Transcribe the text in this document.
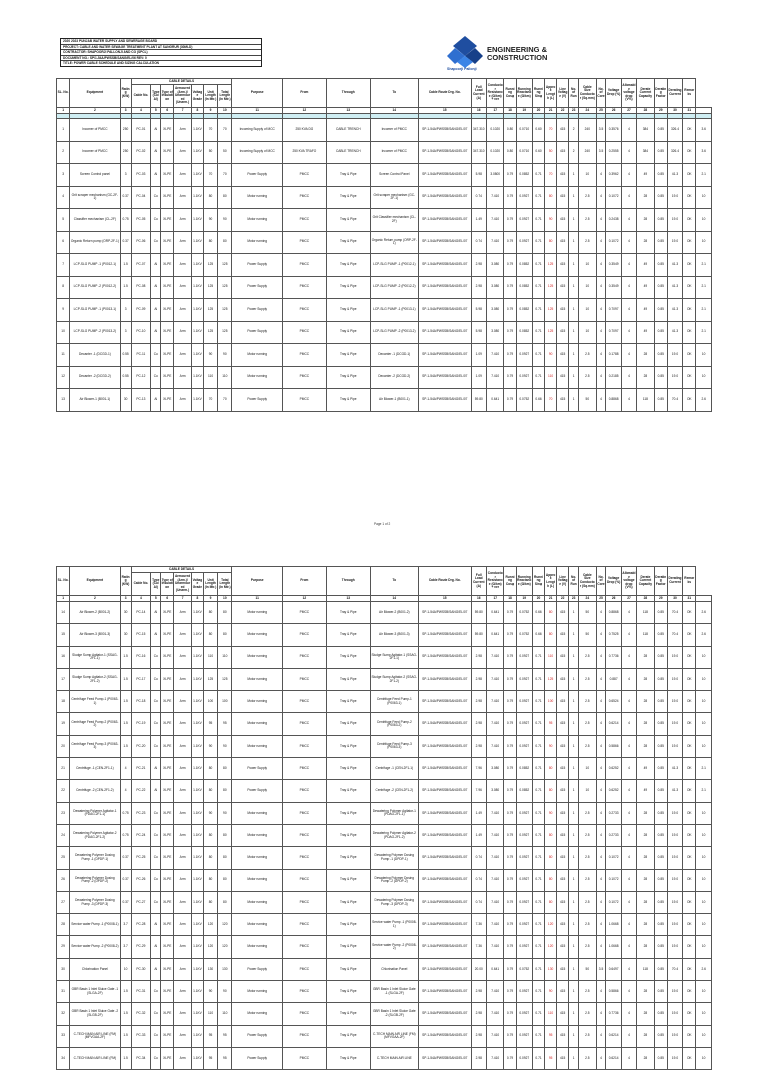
2020 2023 PUNJAB WATER SUPPLY AND SEWERAGE BOARD
PROJECT: CABLE AND WATER SEWAGE TREATMENT PLANT AT SANGRUR (30MLD)
CONTRACTOR: SHAPOORJI PALLONJI AND CO (SPCL)
DOCUMENT NO.: SP/1-54A/PWSSB/SANG/EL/06 REV: 0
TITLE: POWER CABLE SCHEDULE AND SIZING CALCULATION
ENGINEERING &
CONSTRUCTION
Shapoorji Pallonji
SL. No.	Equipment	Rating (KW)	CABLE DETAILS							Purpose	From	Through	To	Cable Route Drg. No.	Full Load Current (A)	Conductor Resistance (Ω/km) + ver	Running Cosφ	Running Reactance (Ω/km)	Running Sinφ	Approx Length (L)	Line Voltage (V)	No. of Run	Cable Size Conductor (Sq.mm)	No. of Core	Voltage Drop (%)	Allowable voltage drop (V%)	Derate Current Capacity	Derating Factor	Derating Current	Remarks	
			Cable No.	Type (Cu/Al)	Type of Insulation	Armoured (Arm.)/ Unarmoured (Unarm.)	Voltage Grade	Unit Length (In Mtr.)	Total Length (In Mtr.)																						
1	2	3	4	5	6	7	8	9	10	11	12	13	14	15	16	17	18	19	20	21	22	23	24	25	26	27	28	29	30	31	

1	Incomer of PMCC	250	PC-01	Al	XLPE	Arm	1.1KV	70	70	Incoming Supply of MCC	250 KVA DG	CABLE TRENCH	Incomer of PMCC	SP-1-54A/PWSSB/SANG/EL/07	347.310	0.1020	0.80	0.0710	0.60	70	415	2	240	3.5	0.3576	4	384	0.85	326.4	OK	3.6
2	Incomer of PMCC	250	PC-02	Al	XLPE	Arm	1.1KV	50	50	Incoming Supply of MCC	250 KVA TRAFO	CABLE TRENCH	Incomer of PMCC	SP-1-54A/PWSSB/SANG/EL/07	347.310	0.1020	0.80	0.0710	0.60	50	415	2	240	3.5	0.2555	4	384	0.85	326.4	OK	3.6
3	Screen Control panel	3	PC-03	Al	XLPE	Arm	1.1KV	70	70	Power Supply	PMCC	Tray & Pipe	Screen Control Panel	SP-1-54A/PWSSB/SANG/EL/07	5.98	3.0800	0.79	0.0852	0.71	70	415	1	10	4	0.3962	4	49	0.85	41.3	OK	2.1
4	Grit scraper mechanism (GC-2F-1)	0.37	PC-04	Cu	XLPE	Arm	1.1KV	80	80	Motor running	PMCC	Tray & Pipe	Grit scraper mechanism (GC-2F-1)	SP-1-54A/PWSSB/SANG/EL/07	0.74	7.410	0.79	0.0927	0.71	80	415	1	2.5	4	0.1072	4	28	0.85	19.0	OK	10
5	Classifier mechanism (CL-2F)	0.75	PC-05	Cu	XLPE	Arm	1.1KV	90	90	Motor running	PMCC	Tray & Pipe	Grit Classifier mechanism (CL-2F)	SP-1-54A/PWSSB/SANG/EL/07	1.49	7.410	0.79	0.0927	0.71	90	415	1	2.5	4	0.2438	4	28	0.85	19.0	OK	10
6	Organic Return pump (ORP-2F-1)	0.37	PC-06	Cu	XLPE	Arm	1.1KV	80	80	Motor running	PMCC	Tray & Pipe	Organic Return pump (ORP-2F-1)	SP-1-54A/PWSSB/SANG/EL/07	0.74	7.410	0.79	0.0927	0.71	80	415	1	2.5	4	0.1072	4	28	0.85	19.0	OK	10
7	LCP-SLG PUMP -1 (P0012-1)	1.5	PC-07	Al	XLPE	Arm	1.1KV	125	125	Power Supply	PMCC	Tray & Pipe	LCP-SLG PUMP -1 (P0012-1)	SP-1-54A/PWSSB/SANG/EL/07	2.98	3.080	0.79	0.0852	0.71	125	415	1	10	4	0.3549	4	49	0.85	41.3	OK	2.1
8	LCP-SLG PUMP -2 (P0012-2)	1.5	PC-08	Al	XLPE	Arm	1.1KV	125	125	Power Supply	PMCC	Tray & Pipe	LCP-SLG PUMP -2 (P0012-2)	SP-1-54A/PWSSB/SANG/EL/07	2.98	3.080	0.79	0.0852	0.71	125	415	1	10	4	0.3549	4	49	0.85	41.3	OK	2.1
9	LCP-SLG PUMP -1 (P0013-1)	3	PC-09	Al	XLPE	Arm	1.1KV	125	125	Power Supply	PMCC	Tray & Pipe	LCP-SLG PUMP -1 (P0013-1)	SP-1-54A/PWSSB/SANG/EL/07	5.98	3.080	0.79	0.0852	0.71	125	415	1	10	4	0.7097	4	49	0.85	41.3	OK	2.1
10	LCP-SLG PUMP -2 (P0013-2)	3	PC-10	Al	XLPE	Arm	1.1KV	125	125	Power Supply	PMCC	Tray & Pipe	LCP-SLG PUMP -2 (P0013-2)	SP-1-54A/PWSSB/SANG/EL/07	5.98	3.080	0.79	0.0852	0.71	125	415	1	10	4	0.7097	4	49	0.85	41.3	OK	2.1
11	Decanter -1 (DCGD-1)	0.55	PC-11	Cu	XLPE	Arm	1.1KV	90	90	Motor running	PMCC	Tray & Pipe	Decanter -1 (DCGD-1)	SP-1-54A/PWSSB/SANG/EL/07	1.09	7.410	0.79	0.0927	0.71	90	415	1	2.5	4	0.1788	4	28	0.85	19.0	OK	10
12	Decanter -2 (DCGD-2)	0.55	PC-12	Cu	XLPE	Arm	1.1KV	110	110	Motor running	PMCC	Tray & Pipe	Decanter -2 (DCGD-2)	SP-1-54A/PWSSB/SANG/EL/07	1.09	7.410	0.79	0.0927	0.71	110	415	1	2.5	4	0.2185	4	28	0.85	19.0	OK	10
13	Air Blower-1 (B001-1)	30	PC-13	Al	XLPE	Arm	1.1KV	70	70	Power Supply	PMCC	Tray & Pipe	Air Blower-1 (B001-1)	SP-1-54A/PWSSB/SANG/EL/07	59.80	0.641	0.79	0.0752	0.66	70	415	1	50	4	0.8868	4	118	0.85	70.4	OK	2.6
Page 1 of 2
SL. No.	Equipment	Rating (KW)	CABLE DETAILS							Purpose	From	Through	To	Cable Route Drg. No.	Full Load Current (A)	Conductor Resistance (Ω/km) + ver	Running Cosφ	Running Reactance (Ω/km)	Running Sinφ	Approx Length (L)	Line Voltage (V)	No. of Run	Cable Size Conductor (Sq.mm)	No. of Core	Voltage Drop (%)	Allowable voltage drop (V%)	Derate Current Capacity	Derating Factor	Derating Current	Remarks	
			Cable No.	Type (Cu/Al)	Type of Insulation	Armoured (Arm.)/ Unarmoured (Unarm.)	Voltage Grade	Unit Length (In Mtr.)	Total Length (In Mtr.)																						
1	2	3	4	5	6	7	8	9	10	11	12	13	14	15	16	17	18	19	20	21	22	23	24	25	26	27	28	29	30	31	
14	Air Blower-2 (B001-2)	30	PC-14	Al	XLPE	Arm	1.1KV	80	80	Motor running	PMCC	Tray & Pipe	Air Blower-2 (B001-2)	SP-1-54A/PWSSB/SANG/EL/07	59.80	0.641	0.79	0.0752	0.66	80	415	1	50	4	0.8868	4	118	0.85	70.4	OK	2.6
15	Air Blower-3 (B001-3)	30	PC-15	Al	XLPE	Arm	1.1KV	80	80	Motor running	PMCC	Tray & Pipe	Air Blower-3 (B001-3)	SP-1-54A/PWSSB/SANG/EL/07	59.80	0.641	0.79	0.0752	0.66	80	415	1	50	4	0.7525	4	118	0.85	70.4	OK	2.6
16	Sludge Sump Agitator-1 (SSAG-2F1-1)	1.5	PC-16	Cu	XLPE	Arm	1.1KV	110	110	Motor running	PMCC	Tray & Pipe	Sludge Sump Agitator-1 (SSAG-2F1-1)	SP-1-54A/PWSSB/SANG/EL/07	2.98	7.410	0.79	0.0927	0.71	110	415	1	2.5	4	0.7736	4	28	0.85	19.0	OK	10
17	Sludge Sump Agitator-2 (SSAG-2F1-2)	1.5	PC-17	Cu	XLPE	Arm	1.1KV	125	125	Motor running	PMCC	Tray & Pipe	Sludge Sump Agitator-2 (SSAG-2F1-2)	SP-1-54A/PWSSB/SANG/EL/07	2.98	7.410	0.79	0.0927	0.71	125	415	1	2.5	4	0.887	4	28	0.85	19.0	OK	10
18	Centrifuge Feed Pump-1 (P0063-1)	1.5	PC-18	Cu	XLPE	Arm	1.1KV	100	100	Motor running	PMCC	Tray & Pipe	Centrifuge Feed Pump-1 (P0063-1)	SP-1-54A/PWSSB/SANG/EL/07	2.98	7.410	0.79	0.0927	0.71	100	415	1	2.5	4	0.6524	4	28	0.85	19.0	OK	10
19	Centrifuge Feed Pump-2 (P0063-2)	1.5	PC-19	Cu	XLPE	Arm	1.1KV	95	95	Motor running	PMCC	Tray & Pipe	Centrifuge Feed Pump-2 (P0063-2)	SP-1-54A/PWSSB/SANG/EL/07	2.98	7.410	0.79	0.0927	0.71	95	415	1	2.5	4	0.6214	4	28	0.85	19.0	OK	10
20	Centrifuge Feed Pump-3 (P0063-3)	1.5	PC-20	Cu	XLPE	Arm	1.1KV	90	90	Motor running	PMCC	Tray & Pipe	Centrifuge Feed Pump-3 (P0063-3)	SP-1-54A/PWSSB/SANG/EL/07	2.98	7.410	0.79	0.0927	0.71	90	415	1	2.5	4	0.5866	4	28	0.85	19.0	OK	10
21	Centrifuge -1 (CEN-2F1-1)	4	PC-21	Al	XLPE	Arm	1.1KV	80	80	Power Supply	PMCC	Tray & Pipe	Centrifuge -1 (CEN-2F1-1)	SP-1-54A/PWSSB/SANG/EL/07	7.96	3.080	0.79	0.0852	0.71	80	415	1	10	4	0.6252	4	49	0.85	41.3	OK	2.1
22	Centrifuge -2 (CEN-2F1-2)	4	PC-22	Al	XLPE	Arm	1.1KV	80	80	Power Supply	PMCC	Tray & Pipe	Centrifuge -2 (CEN-2F1-2)	SP-1-54A/PWSSB/SANG/EL/07	7.96	3.080	0.79	0.0852	0.71	80	415	1	10	4	0.6252	4	49	0.85	41.3	OK	2.1
23	Dewatering Polymer Agitator-1 (PDAG-2F1-1)	0.75	PC-23	Cu	XLPE	Arm	1.1KV	90	90	Motor running	PMCC	Tray & Pipe	Dewatering Polymer Agitator-1 (PDAG-2F1-1)	SP-1-54A/PWSSB/SANG/EL/07	1.49	7.410	0.79	0.0927	0.71	90	415	1	2.5	4	0.2733	4	28	0.85	19.0	OK	10
24	Dewatering Polymer Agitator-2 (PDAG-2F1-2)	0.75	PC-24	Cu	XLPE	Arm	1.1KV	80	80	Motor running	PMCC	Tray & Pipe	Dewatering Polymer Agitator-2 (PDAG-2F1-2)	SP-1-54A/PWSSB/SANG/EL/07	1.49	7.410	0.79	0.0927	0.71	80	415	1	2.5	4	0.2733	4	28	0.85	19.0	OK	10
25	Dewatering Polymer Dosing Pump -1 (DPDP-1)	0.37	PC-25	Cu	XLPE	Arm	1.1KV	80	80	Motor running	PMCC	Tray & Pipe	Dewatering Polymer Dosing Pump -1 (DPDP-1)	SP-1-54A/PWSSB/SANG/EL/07	0.74	7.410	0.79	0.0927	0.71	80	415	1	2.5	4	0.1072	4	28	0.85	19.0	OK	10
26	Dewatering Polymer Dosing Pump -2 (DPDP-2)	0.37	PC-26	Cu	XLPE	Arm	1.1KV	80	80	Motor running	PMCC	Tray & Pipe	Dewatering Polymer Dosing Pump -2 (DPDP-2)	SP-1-54A/PWSSB/SANG/EL/07	0.74	7.410	0.79	0.0927	0.71	80	415	1	2.5	4	0.1072	4	28	0.85	19.0	OK	10
27	Dewatering Polymer Dosing Pump -3 (DPDP-3)	0.37	PC-27	Cu	XLPE	Arm	1.1KV	80	80	Motor running	PMCC	Tray & Pipe	Dewatering Polymer Dosing Pump -3 (DPDP-3)	SP-1-54A/PWSSB/SANG/EL/07	0.74	7.410	0.79	0.0927	0.71	80	415	1	2.5	4	0.1072	4	28	0.85	19.0	OK	10
28	Service water Pump -1 (P0008-1)	3.7	PC-28	Al	XLPE	Arm	1.1KV	120	120	Motor running	PMCC	Tray & Pipe	Service water Pump -1 (P0008-1)	SP-1-54A/PWSSB/SANG/EL/07	7.36	7.410	0.79	0.0927	0.71	120	415	1	2.5	4	1.0668	4	28	0.85	19.0	OK	10
29	Service water Pump -2 (P0008-2)	3.7	PC-29	Al	XLPE	Arm	1.1KV	120	120	Motor running	PMCC	Tray & Pipe	Service water Pump -2 (P0008-2)	SP-1-54A/PWSSB/SANG/EL/07	7.36	7.410	0.79	0.0927	0.71	120	415	1	2.5	4	1.0668	4	28	0.85	19.0	OK	10
30	Chlorination Panel	10	PC-30	Al	XLPE	Arm	1.1KV	130	130	Power Supply	PMCC	Tray & Pipe	Chlorination Panel	SP-1-54A/PWSSB/SANG/EL/07	20.00	0.641	0.79	0.0752	0.71	130	415	1	50	3.5	0.6497	4	118	0.85	70.4	OK	2.6
31	GBR Basin 1 Inlet Sluice Gate -1 (SLGA-2F)	1.5	PC-31	Cu	XLPE	Arm	1.1KV	90	90	Motor running	PMCC	Tray & Pipe	GBR Basin 1 Inlet Sluice Gate -1 (SLGA-2F)	SP-1-54A/PWSSB/SANG/EL/07	2.98	7.410	0.79	0.0927	0.71	90	415	1	2.5	4	0.5866	4	28	0.85	19.0	OK	10
32	GBR Basin 1 Inlet Sluice Gate -2 (SLGB-2F)	1.5	PC-32	Cu	XLPE	Arm	1.1KV	110	110	Motor running	PMCC	Tray & Pipe	GBR Basin 1 Inlet Sluice Gate -2 (SLGB-2F)	SP-1-54A/PWSSB/SANG/EL/07	2.98	7.410	0.79	0.0927	0.71	110	415	1	2.5	4	0.7736	4	28	0.85	19.0	OK	10
33	C-TECH MAIN AIR LINE (FM) (MFVGAA-2F)	1.5	PC-33	Cu	XLPE	Arm	1.1KV	95	95	Power Supply	PMCC	Tray & Pipe	C-TECH MAIN AIR LINE (FM) (MFVGAA-2F)	SP-1-54A/PWSSB/SANG/EL/07	2.98	7.410	0.79	0.0927	0.71	95	415	1	2.5	4	0.6214	4	28	0.85	19.0	OK	10
34	C-TECH MAIN AIR LINE (FM)	1.5	PC-34	Cu	XLPE	Arm	1.1KV	95	95	Power Supply	PMCC	Tray & Pipe	C-TECH MAIN AIR LINE	SP-1-54A/PWSSB/SANG/EL/07	2.98	7.410	0.79	0.0927	0.71	95	415	1	2.5	4	0.6214	4	28	0.85	19.0	OK	10
